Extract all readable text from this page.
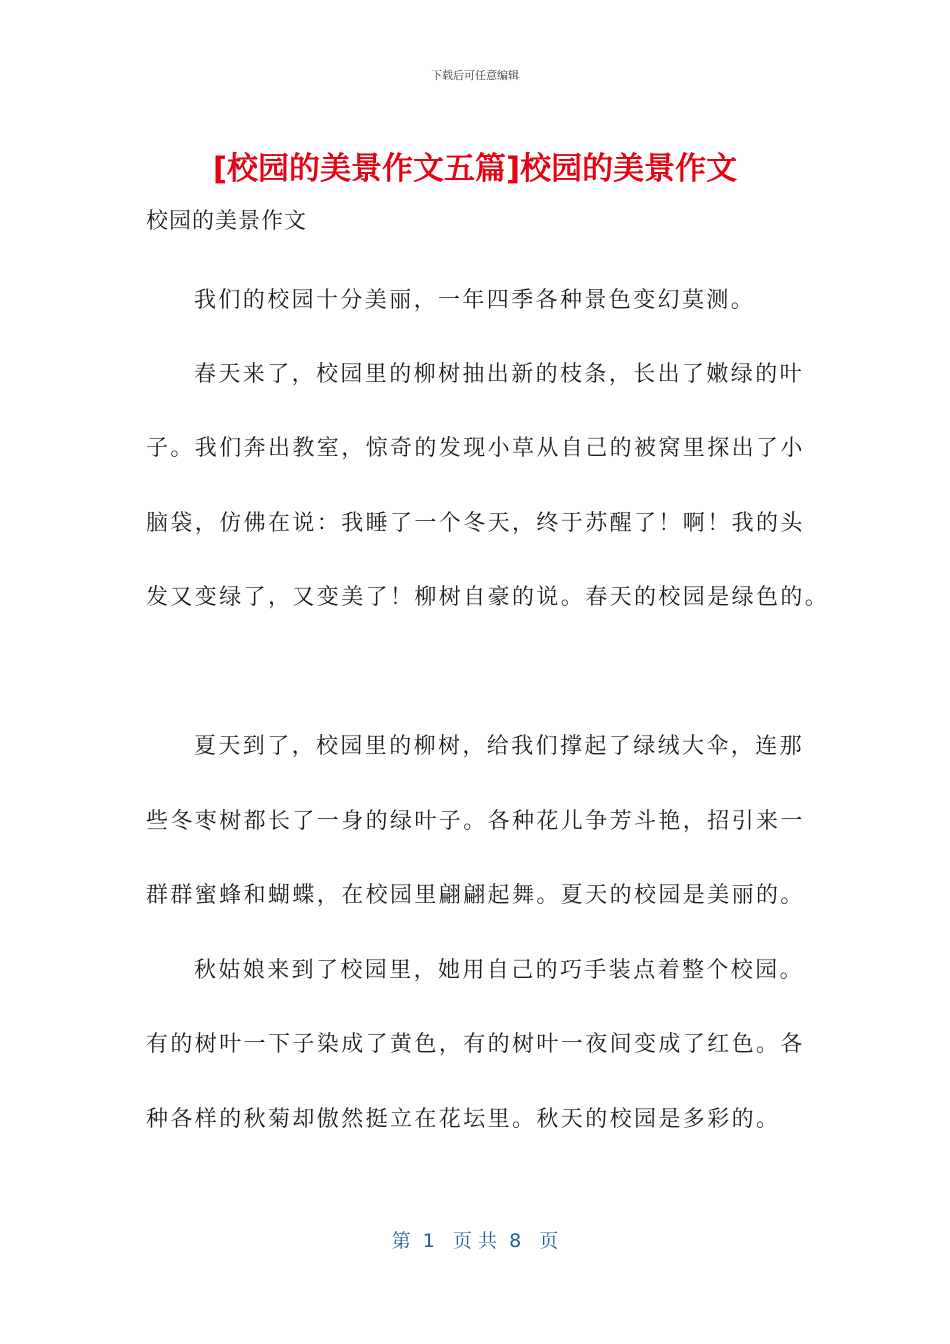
下载后可任意编辑
[校园的美景作文五篇]校园的美景作文
校园的美景作文
我们的校园十分美丽，一年四季各种景色变幻莫测。
春天来了，校园里的柳树抽出新的枝条，长出了嫩绿的叶
子。我们奔出教室，惊奇的发现小草从自己的被窝里探出了小
脑袋，仿佛在说：我睡了一个冬天，终于苏醒了！啊！我的头
发又变绿了，又变美了！柳树自豪的说。春天的校园是绿色的。
夏天到了，校园里的柳树，给我们撑起了绿绒大伞，连那
些冬枣树都长了一身的绿叶子。各种花儿争芳斗艳，招引来一
群群蜜蜂和蝴蝶，在校园里翩翩起舞。夏天的校园是美丽的。
秋姑娘来到了校园里，她用自己的巧手装点着整个校园。
有的树叶一下子染成了黄色，有的树叶一夜间变成了红色。各
种各样的秋菊却傲然挺立在花坛里。秋天的校园是多彩的。
第  1   页 共  8   页
